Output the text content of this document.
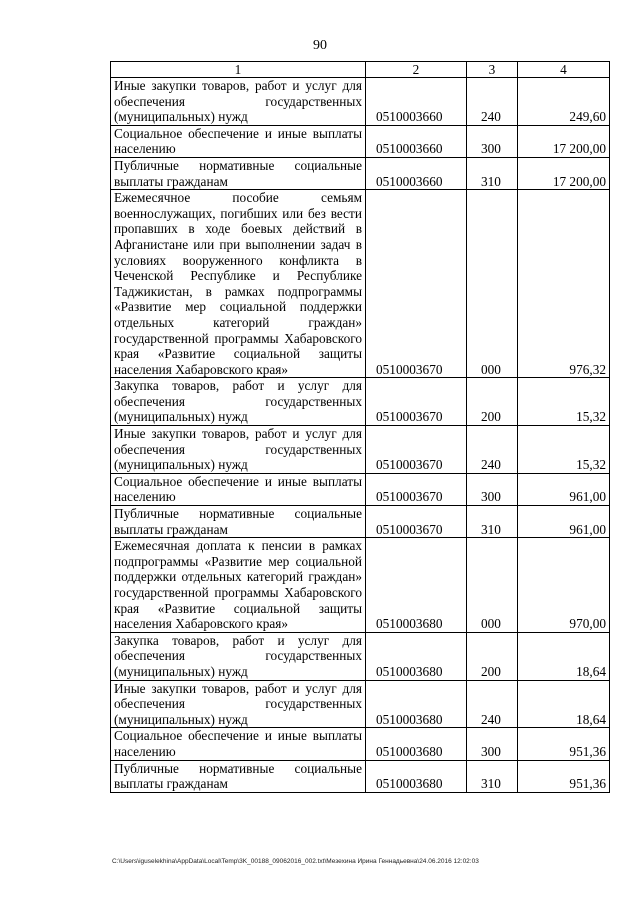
90
1	2	3	4
Иные закупки товаров, работ и услуг для обеспечения государственных (муниципальных) нужд	0510003660	240	249,60
Социальное обеспечение и иные выплаты населению	0510003660	300	17 200,00
Публичные нормативные социальные выплаты гражданам	0510003660	310	17 200,00
Ежемесячное пособие семьям военнослужащих, погибших или без вести пропавших в ходе боевых действий в Афганистане или при выполнении задач в условиях вооруженного конфликта в Чеченской Республике и Республике Таджикистан, в рамках подпрограммы «Развитие мер социальной поддержки отдельных категорий граждан» государственной программы Хабаровского края «Развитие социальной защиты населения Хабаровского края»	0510003670	000	976,32
Закупка товаров, работ и услуг для обеспечения государственных (муниципальных) нужд	0510003670	200	15,32
Иные закупки товаров, работ и услуг для обеспечения государственных (муниципальных) нужд	0510003670	240	15,32
Социальное обеспечение и иные выплаты населению	0510003670	300	961,00
Публичные нормативные социальные выплаты гражданам	0510003670	310	961,00
Ежемесячная доплата к пенсии в рамках подпрограммы «Развитие мер социальной поддержки отдельных категорий граждан» государственной программы Хабаровского края «Развитие социальной защиты населения Хабаровского края»	0510003680	000	970,00
Закупка товаров, работ и услуг для обеспечения государственных (муниципальных) нужд	0510003680	200	18,64
Иные закупки товаров, работ и услуг для обеспечения государственных (муниципальных) нужд	0510003680	240	18,64
Социальное обеспечение и иные выплаты населению	0510003680	300	951,36
Публичные нормативные социальные выплаты гражданам	0510003680	310	951,36
C:\Users\iguselekhina\AppData\Local\Temp\3K_00188_09062016_002.txt\Мезехина Ирина Геннадьевна\24.06.2016 12:02:03
